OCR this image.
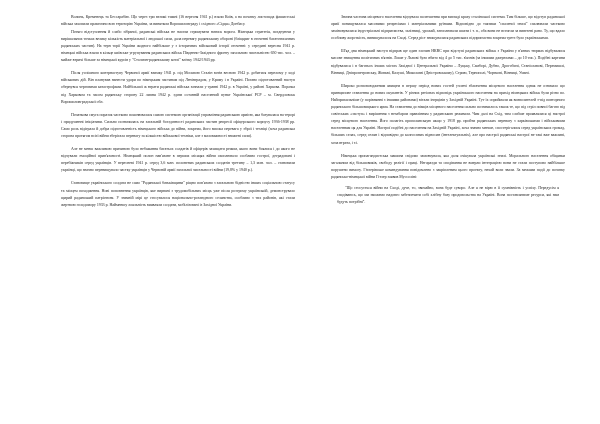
Волинь, Кременець та Бессарабію. Що через три великі тижні (16 вересня 1941 р.) взяли Київ, а на початку листопада фашистські війська захопили практично всю територію України, за винятком Ворошиловграду і східного «Сідця» Донбасу.

Потяго відступлення й слабо зібраної, радянські війська не змогли стримувати натиск ворога. Німецька стратегія, поєднуючи у вирішальних точках велику кількість матеріальної і людської сили, дала перевагу радянському обороні (бліцкриг в оточенні багатотисячних радянських частин). На терн торії України жодного найбільше у з історичних військовий історії оточенні: у середині вересня 1941 р. німецькі війська взяли в кільце київське угрупування радянських військ Південно-Західного фронту загальною чисельністю 650 тис. чол. – майже втричі більше за німецької курсів у "Столичн-радянському котлі" влітку 1942/1943 рр.

Після успішного контрнаступу Червоної армії взимку 1941 р. під Москвою Сталін вотів весною 1942 р. добитися перелому у ході військових дій. Він планував нанести удари по німецьким частинам під Ленінградом, у Криму і в Україні. Погано підготовлений наступ обернувся черговими катастрофами. Найбільшої ж втрати радянські війська зазнали у травні 1942 р. в Україні, у районі Харкова. Поразка під Харковом та часом радянську сторону 22 липня 1942 р. здати останній населений пункт Української РСР – м. Свердловськ Ворошиловградської обл.

Початкова смуга поразок частково пояснювалася самою системою організації управління радянською армією, яка базувалася на терорі і придушенні ініціативи. Сильно позначилась на загальній боєздатності радянських частин репресії офіцерського корпусу 1936-1938 рр. Само роль відіграла й добра підготовленість німецького війська до війни, зокрема, його висока перевага у зброї і техніці (хоча радянська сторона протягом всієї війни зберігала перевагу за кількістю військової техніки, але з маловажності знижені сили).

Але не менш важливою причиною було небажання багатьох солдатів й офіцерів захищати режим, якого вони боялися і до якого не відчували емоційної прив'язаності. Німецький полон нав'язане в перших місяцях війни охоплювало особливо гострої, деградовані і перебіжчиків серед українців. У вересневі 1941 р. серед 3,6 млн. полонених радянських солдатів третину – 1,3 млн. чол. – становили українці, що значно перевищувало частку українців у Червоній армії загальної чисельності війни (19,8% у 1940 р.).

Становище українського солдата не само "Радянської батьківщини" ріщно пов'язано з загальною бідністю інших соціальною статусу та місцем походження. Нові поповнення українців, яке вирвані з трудомобільних місць уже після розгрому українській, демонструвало щирий радянський патріотизм. У значній мірі це стосувалося національно-розлюдного селянства, особливо з тих районів, які стали жертвою голодомору 1933 р. Найменшу лояльність виявляли солдати, мобілізовані із Західної України.

Значна частина місцевого населення відчувала полегшення при вигляді краху сталінської системи. Тим більше, що відступ радянської армії понищувалася масовими репресіями і матеріальними руїнами. Відповідно до тактики "спаленої землі" спалювали частково заміновувалися індустріальні підприємства, залізниці, урожай, затоплювали шахти і т. п., оба вони не встигли за вивезені рано. Ту, що вдало особливу жорсткість, винищувалося на Сході. Серед ріст знищувалися радянських підприємства зокрема третє було українськими.

Ш'яд дня німецький наступ відправ ще один злочин НКВС при відступі радянських військ з України у в'язнях тюрмах відбувалися масове знищення політичних в'язнів. Лише у Львові було вбито від 4 до 5 тис. в'язнів (за іншими джерелами – до 10 тис.). Подібні картини відбувалися і в багатьох інших містах Західної і Центральної України – Луцьку, Самборі, Дубно, Дрогобичі, Станіславові, Перемишлі, Вінниці, Дніпропетровську, Жовкві, Калуші, Миколаєві (Дністровському), Стрию, Тернополі, Чорткові, Вінниці, Умані.

Широко розповсюдженим явищем в першу період нових гостей учлені збагачення місцевого населення однак не означало що принципове ставлення до нових окупантів. У різних регіонах відповідь українського населення на прихід німецьких військ були різно по. Найприхильніше (у порівнянні з іншими районами) вітали інгрцівів у Західній Україні. Тут їх сприймали як визволителей з-під повторного радянського більшовицького ярма. На ставлення до німців місцевого населення сильно позначилось також те, що пiд стріл повної багато від совітських «заступ» і вирішення з незабаром правлінням у радянською режимом. Чим далі на Схід, тим слабше проявлялися ці настрої серед місцевого населення. Його полагіть прополянськую якщо у 1918 рр. пройти радянських перевагу з харківськими і військовими населенням ця для Україні. Настрої подібні до населення на Західній Україні, хоча значно менше, спостерігалися серед українських громад, більших селах, серед селян і відповідно до колгоспних відносин (інтелектуальніх), але про настрої радянські настрої не такі вже важливі, хоча втрата, і т.і.

Німецька пропагандистська машина свідомо замовчувала, яка доля очікувала українські землі. Морального населення обіцянки загальним від більшовиків, свободу релігії і праці. Негаразди та сподівання не вмерли інтеграцією вони не стали поступово найбільше порушено вимогу. Гітлерівське командування повідомлено з закріпленим цього проекту, нехай воли звали. За межами події до початку радянсько-німецької війни Гітлер заявив Муссоліні:

"Що стосується війни на Сході, дуче, то, звичайно, вона буде суворо. Але я не вірю в її сумнівність і успіху. Передусім я сподіваюсь, що ми зможемо надовго забезпечити собі хлібну базу продовольства на Україні. Вона поставлятиме ресурси, які нам будуть потрібні".
